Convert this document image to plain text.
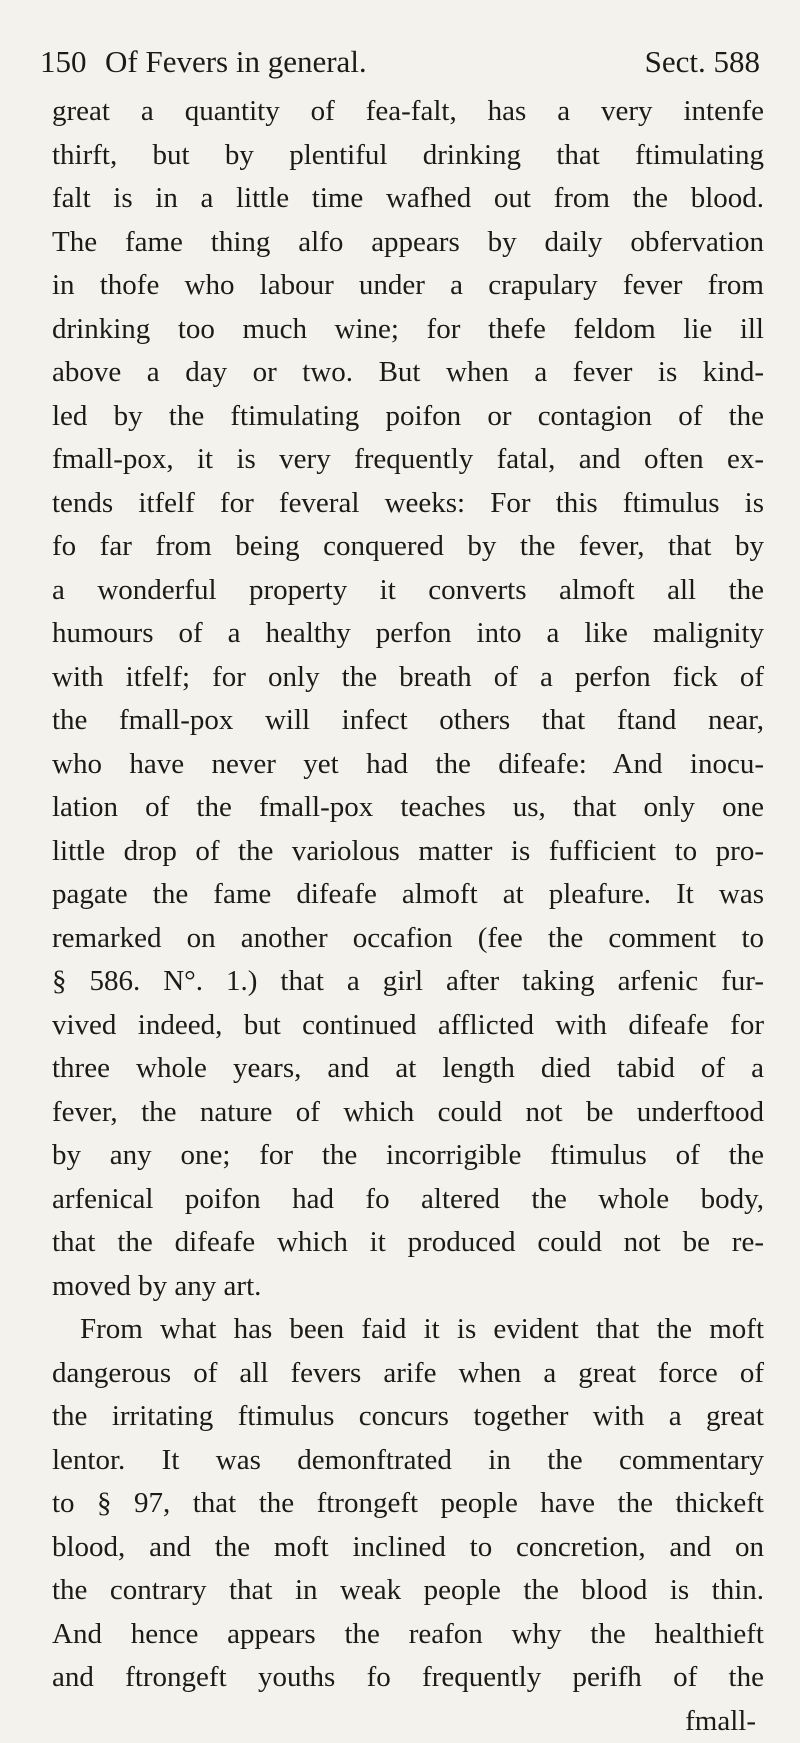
150 Of Fevers in general.	Sect. 588
great a quantity of fea-falt, has a very intenfe
thirft, but by plentiful drinking that ftimulating
falt is in a little time wafhed out from the blood.
The fame thing alfo appears by daily obfervation
in thofe who labour under a crapulary fever from
drinking too much wine; for thefe feldom lie ill
above a day or two. But when a fever is kind-
led by the ftimulating poifon or contagion of the
fmall-pox, it is very frequently fatal, and often ex-
tends itfelf for feveral weeks: For this ftimulus is
fo far from being conquered by the fever, that by
a wonderful property it converts almoft all the
humours of a healthy perfon into a like malignity
with itfelf; for only the breath of a perfon fick of
the fmall-pox will infect others that ftand near,
who have never yet had the difeafe: And inocu-
lation of the fmall-pox teaches us, that only one
little drop of the variolous matter is fufficient to pro-
pagate the fame difeafe almoft at pleafure. It was
remarked on another occafion (fee the comment to
§ 586. N°. 1.) that a girl after taking arfenic fur-
vived indeed, but continued afflicted with difeafe for
three whole years, and at length died tabid of a
fever, the nature of which could not be underftood
by any one; for the incorrigible ftimulus of the
arfenical poifon had fo altered the whole body,
that the difeafe which it produced could not be re-
moved by any art.
From what has been faid it is evident that the moft
dangerous of all fevers arife when a great force of
the irritating ftimulus concurs together with a great
lentor. It was demonftrated in the commentary
to § 97, that the ftrongeft people have the thickeft
blood, and the moft inclined to concretion, and on
the contrary that in weak people the blood is thin.
And hence appears the reafon why the healthieft
and ftrongeft youths fo frequently perifh of the
fmall-
